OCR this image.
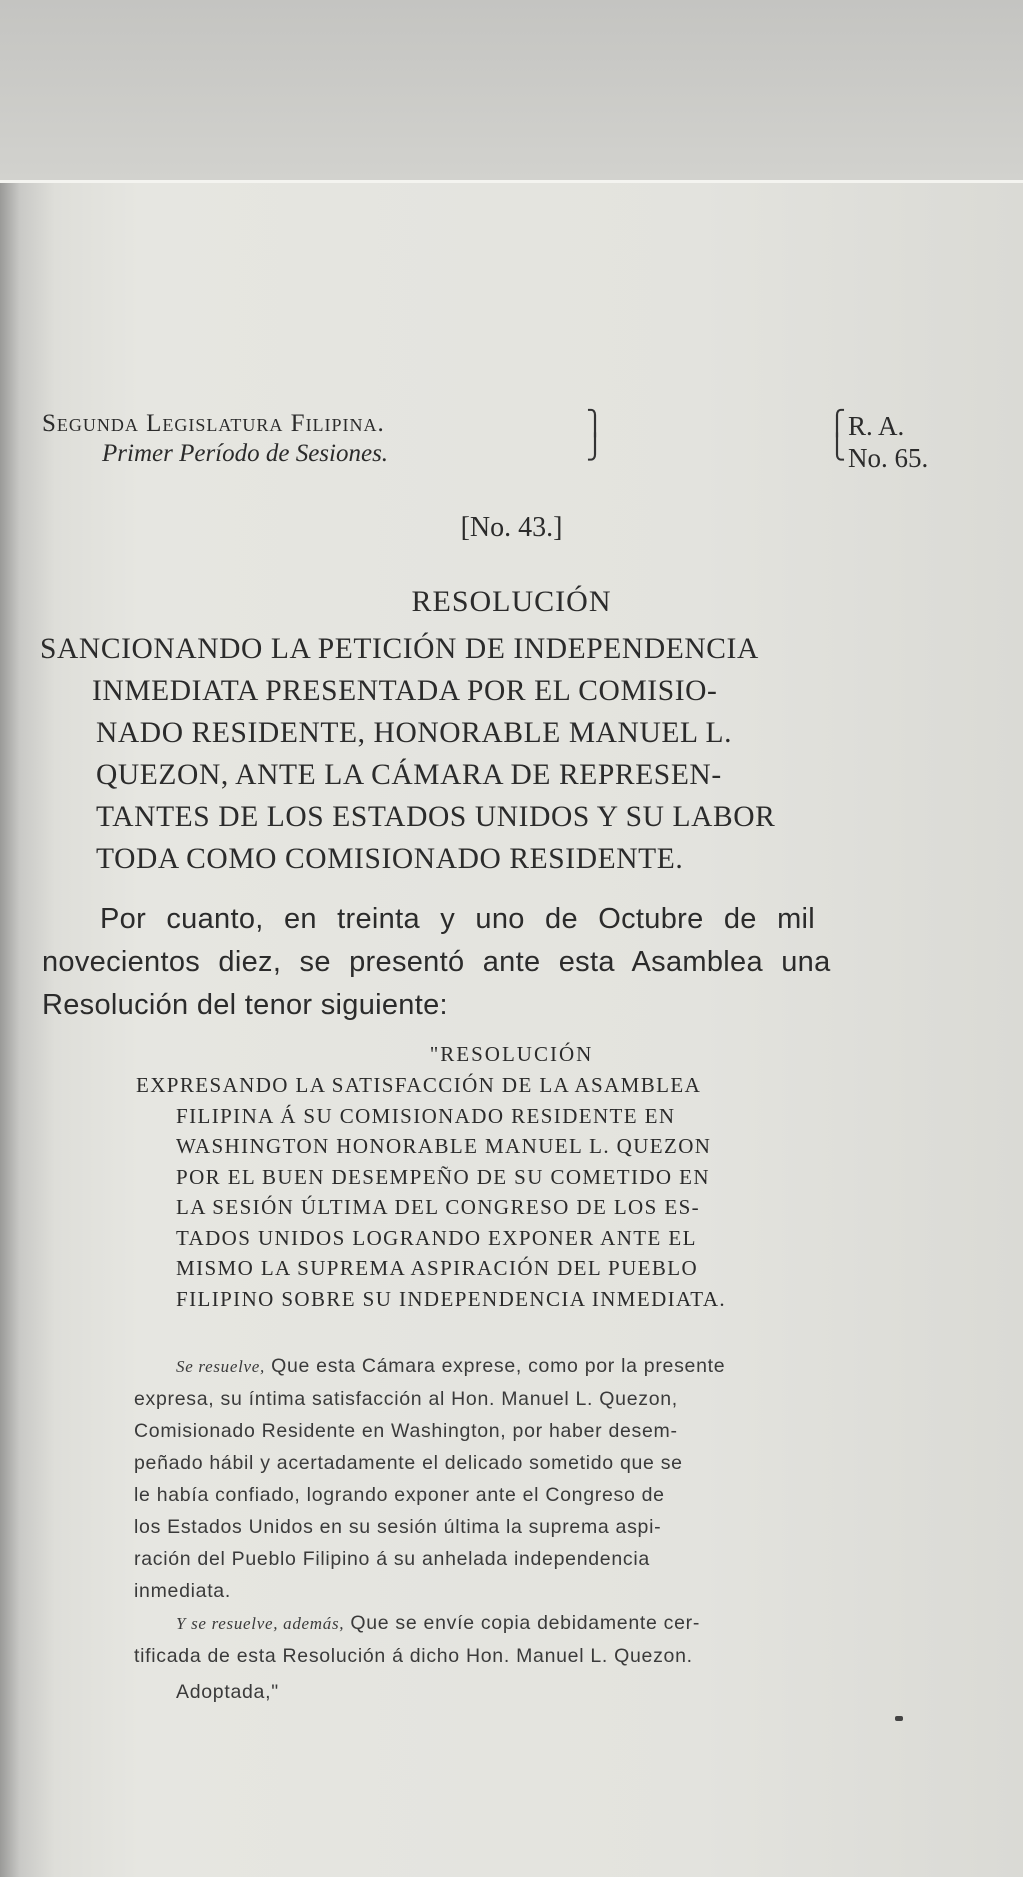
Segunda Legislatura Filipina.
Primer Período de Sesiones.
⎫
⎭
⎧
⎩
R. A.
No. 65.
[No. 43.]
RESOLUCIÓN
SANCIONANDO LA PETICIÓN DE INDEPENDENCIA
INMEDIATA PRESENTADA POR EL COMISIO-
NADO RESIDENTE, HONORABLE MANUEL L.
QUEZON, ANTE LA CÁMARA DE REPRESEN-
TANTES DE LOS ESTADOS UNIDOS Y SU LABOR
TODA COMO COMISIONADO RESIDENTE.
Por cuanto, en treinta y uno de Octubre de mil
novecientos diez, se presentó ante esta Asamblea una
Resolución del tenor siguiente:
"RESOLUCIÓN
EXPRESANDO LA SATISFACCIÓN DE LA ASAMBLEA
FILIPINA Á SU COMISIONADO RESIDENTE EN
WASHINGTON HONORABLE MANUEL L. QUEZON
POR EL BUEN DESEMPEÑO DE SU COMETIDO EN
LA SESIÓN ÚLTIMA DEL CONGRESO DE LOS ES-
TADOS UNIDOS LOGRANDO EXPONER ANTE EL
MISMO LA SUPREMA ASPIRACIÓN DEL PUEBLO
FILIPINO SOBRE SU INDEPENDENCIA INMEDIATA.
Se resuelve, Que esta Cámara exprese, como por la presente
expresa, su íntima satisfacción al Hon. Manuel L. Quezon,
Comisionado Residente en Washington, por haber desem-
peñado hábil y acertadamente el delicado sometido que se
le había confiado, logrando exponer ante el Congreso de
los Estados Unidos en su sesión última la suprema aspi-
ración del Pueblo Filipino á su anhelada independencia
inmediata.
Y se resuelve, además, Que se envíe copia debidamente cer-
tificada de esta Resolución á dicho Hon. Manuel L. Quezon.
Adoptada,"
